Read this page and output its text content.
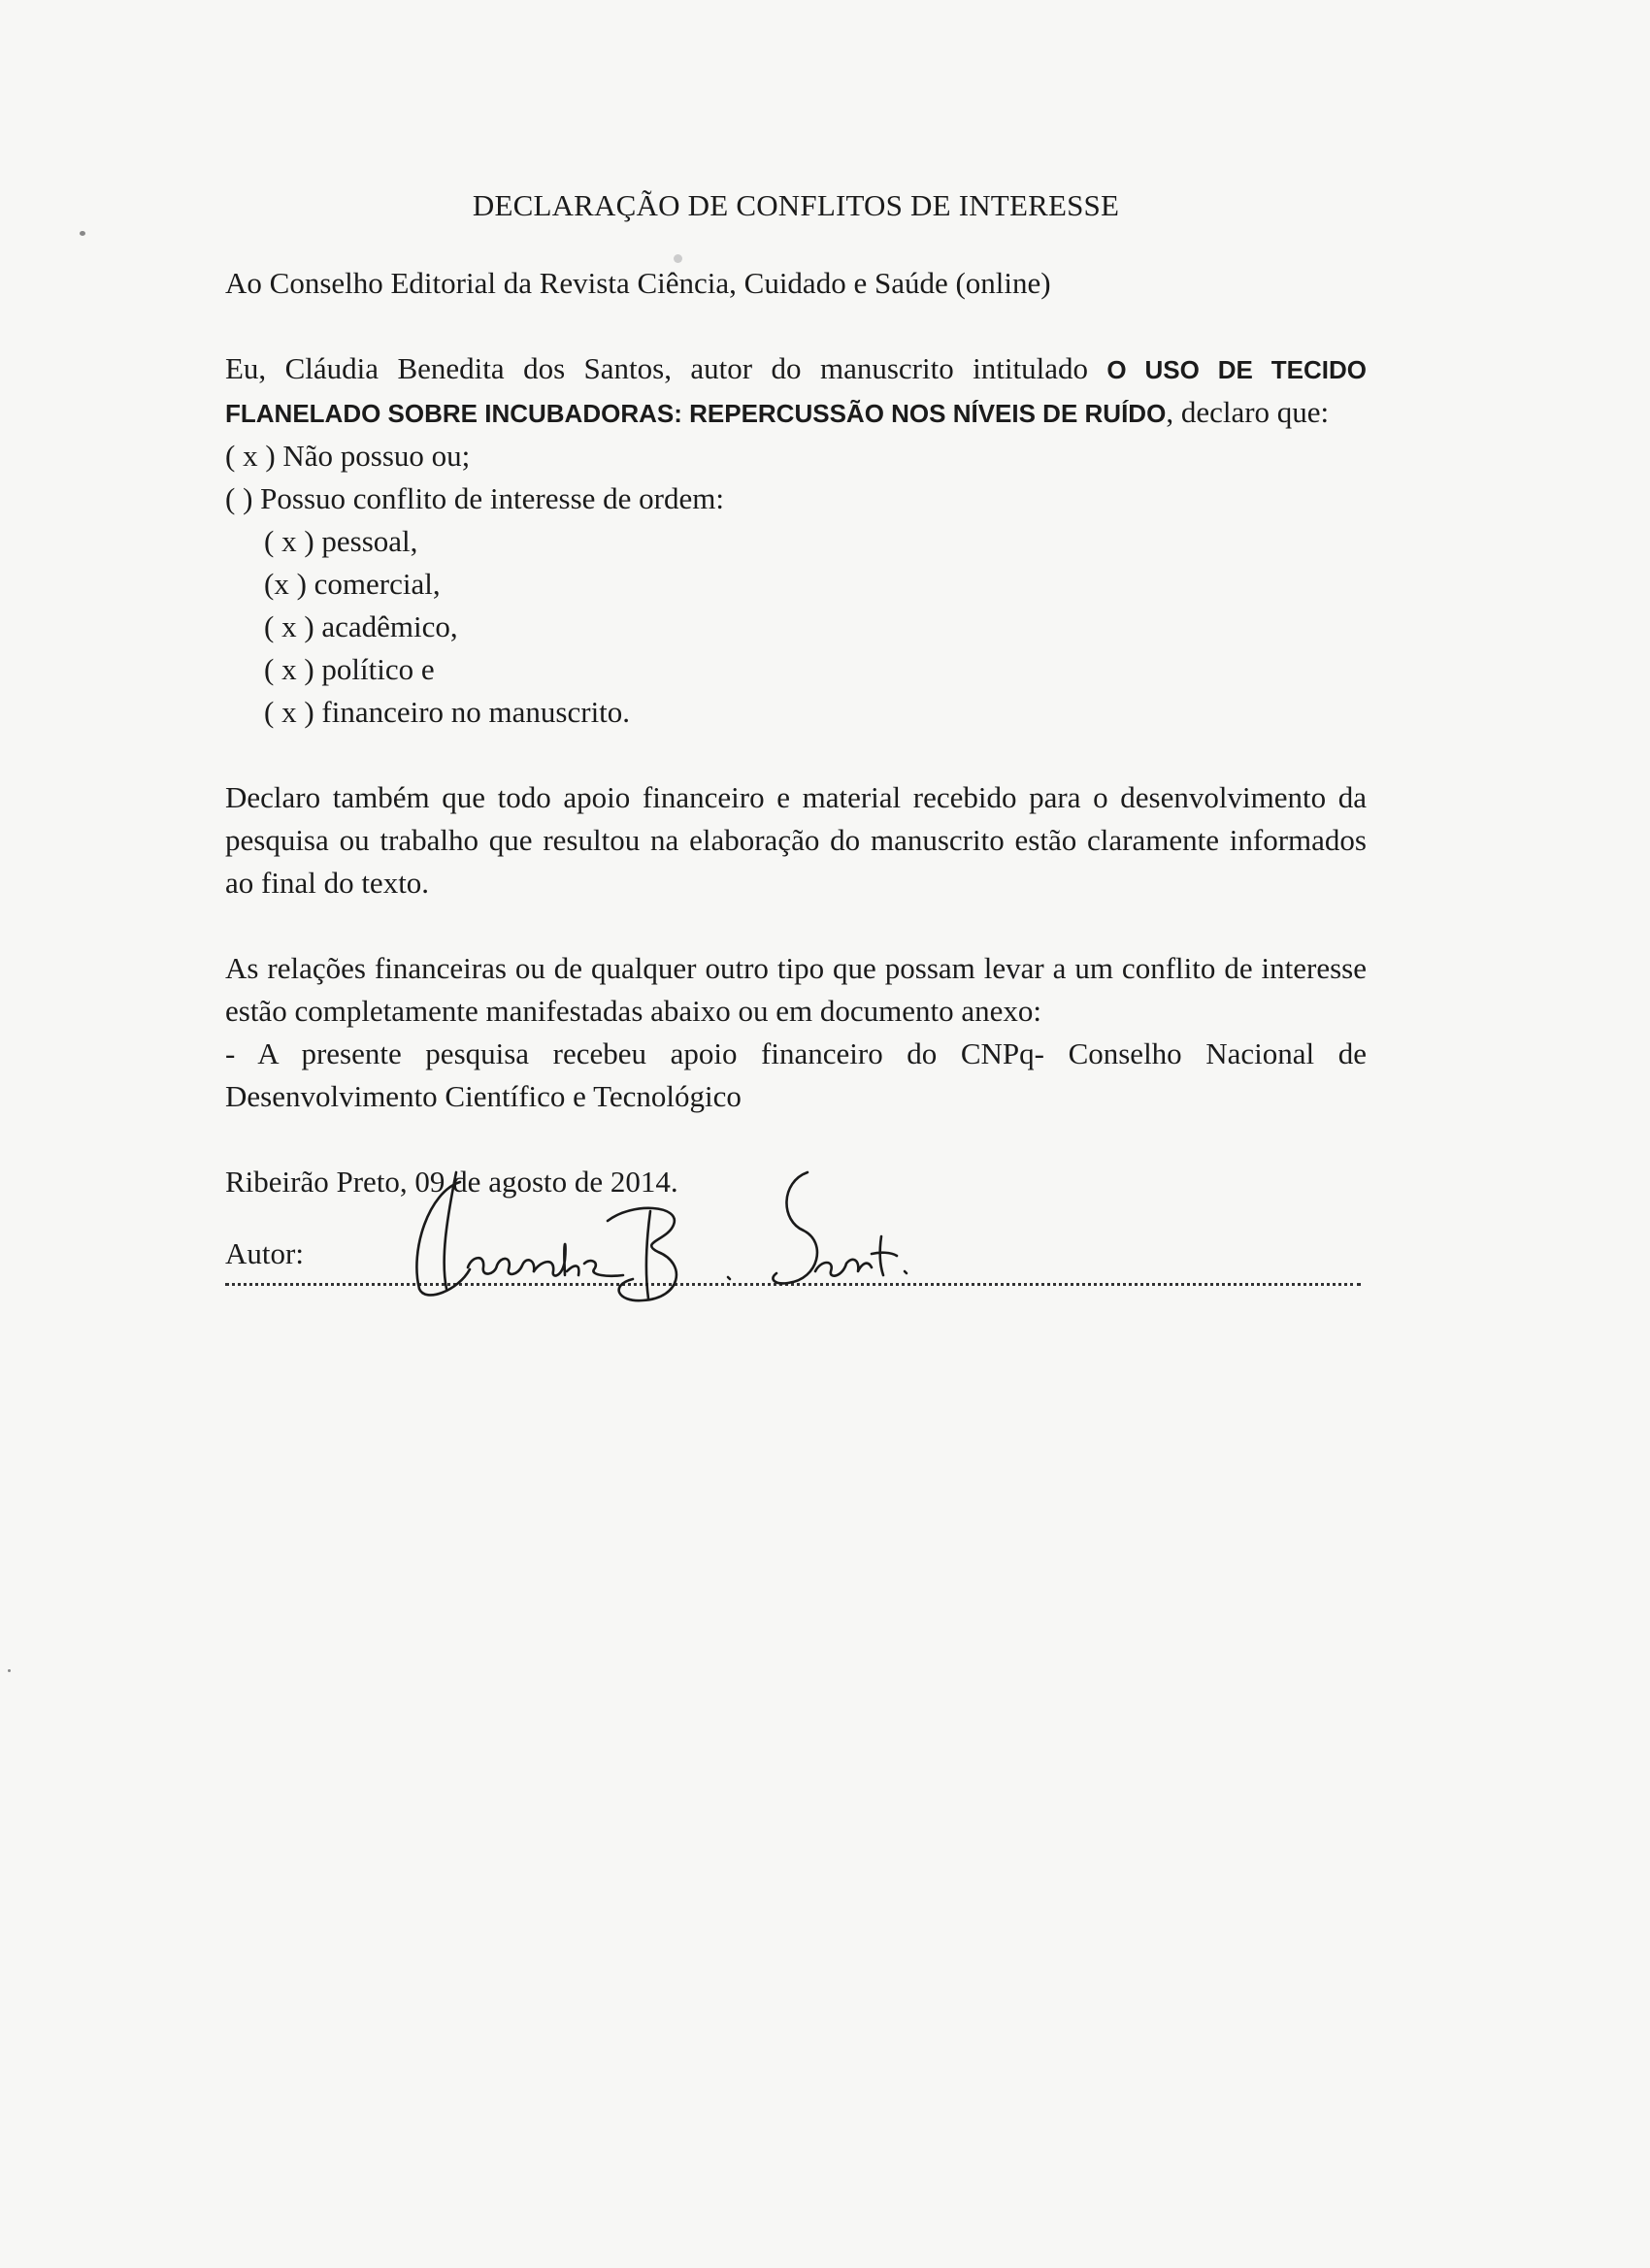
DECLARAÇÃO DE CONFLITOS DE INTERESSE

Ao Conselho Editorial da Revista Ciência, Cuidado e Saúde (online)

Eu, Cláudia Benedita dos Santos, autor do manuscrito intitulado O USO DE TECIDO FLANELADO SOBRE INCUBADORAS: REPERCUSSÃO NOS NÍVEIS DE RUÍDO, declaro que:

( x ) Não possuo ou;

( ) Possuo conflito de interesse de ordem:

( x ) pessoal,

(x ) comercial,

( x ) acadêmico,

( x ) político e

( x ) financeiro no manuscrito.

Declaro também que todo apoio financeiro e material recebido para o desenvolvimento da pesquisa ou trabalho que resultou na elaboração do manuscrito estão claramente informados ao final do texto.

As relações financeiras ou de qualquer outro tipo que possam levar a um conflito de interesse estão completamente manifestadas abaixo ou em documento anexo:

- A presente pesquisa recebeu apoio financeiro do CNPq- Conselho Nacional de Desenvolvimento Científico e Tecnológico

Ribeirão Preto, 09 de agosto de 2014.

Autor:
